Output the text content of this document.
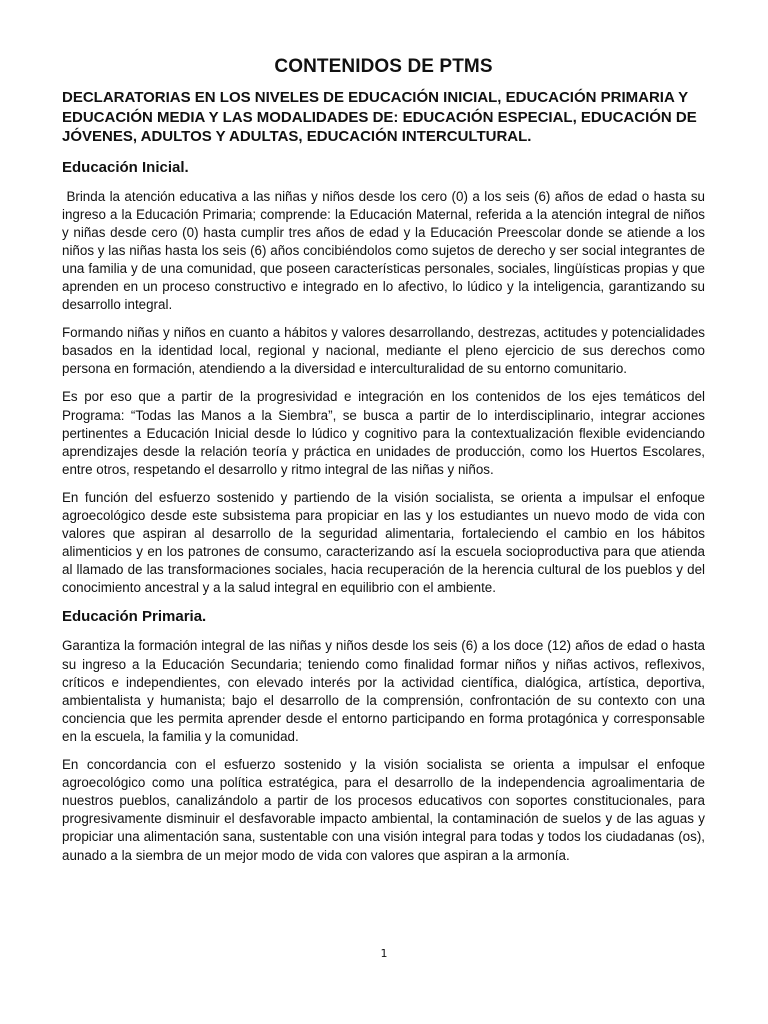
CONTENIDOS DE PTMS
DECLARATORIAS EN LOS NIVELES DE EDUCACIÓN INICIAL, EDUCACIÓN PRIMARIA Y EDUCACIÓN MEDIA Y LAS MODALIDADES DE: EDUCACIÓN ESPECIAL, EDUCACIÓN DE JÓVENES, ADULTOS Y ADULTAS, EDUCACIÓN INTERCULTURAL.
Educación Inicial.

Brinda la atención educativa a las niñas y niños desde los cero (0) a los seis (6) años de edad o hasta su ingreso a la Educación Primaria; comprende: la Educación Maternal, referida a la atención integral de niños y niñas desde cero (0) hasta cumplir tres años de edad y la Educación Preescolar donde se atiende a los niños y las niñas hasta los seis (6) años concibiéndolos como sujetos de derecho y ser social integrantes de una familia y de una comunidad, que poseen características personales, sociales, lingüísticas propias y que aprenden en un proceso constructivo e integrado en lo afectivo, lo lúdico y la inteligencia, garantizando su desarrollo integral.

Formando niñas y niños en cuanto a hábitos y valores desarrollando, destrezas, actitudes y potencialidades basados en la identidad local, regional y nacional, mediante el pleno ejercicio de sus derechos como persona en formación, atendiendo a la diversidad e interculturalidad de su entorno comunitario.

Es por eso que a partir de la progresividad e integración en los contenidos de los ejes temáticos del Programa: “Todas las Manos a la Siembra”, se busca a partir de lo interdisciplinario, integrar acciones pertinentes a Educación Inicial desde lo lúdico y cognitivo para la contextualización flexible evidenciando aprendizajes desde la relación teoría y práctica en unidades de producción, como los Huertos Escolares, entre otros, respetando el desarrollo y ritmo integral de las niñas y niños.

En función del esfuerzo sostenido y partiendo de la visión socialista, se orienta a impulsar el enfoque agroecológico desde este subsistema para propiciar en las y los estudiantes un nuevo modo de vida con valores que aspiran al desarrollo de la seguridad alimentaria, fortaleciendo el cambio en los hábitos alimenticios y en los patrones de consumo, caracterizando así la escuela socioproductiva para que atienda al llamado de las transformaciones sociales, hacia recuperación de la herencia cultural de los pueblos y del conocimiento ancestral y a la salud integral en equilibrio con el ambiente.

Educación Primaria.

Garantiza la formación integral de las niñas y niños desde los seis (6) a los doce (12) años de edad o hasta su ingreso a la Educación Secundaria; teniendo como finalidad formar niños y niñas activos, reflexivos, críticos e independientes, con elevado interés por la actividad científica, dialógica, artística, deportiva, ambientalista y humanista; bajo el desarrollo de la comprensión, confrontación de su contexto con una conciencia que les permita aprender desde el entorno participando en forma protagónica y corresponsable en la escuela, la familia y la comunidad.

En concordancia con el esfuerzo sostenido y la visión socialista se orienta a impulsar el enfoque agroecológico como una política estratégica, para el desarrollo de la independencia agroalimentaria de nuestros pueblos, canalizándolo a partir de los procesos educativos con soportes constitucionales, para progresivamente disminuir el desfavorable impacto ambiental, la contaminación de suelos y de las aguas y propiciar una alimentación sana, sustentable con una visión integral para todas y todos los ciudadanas (os), aunado a la siembra de un mejor modo de vida con valores que aspiran a la armonía.

1
